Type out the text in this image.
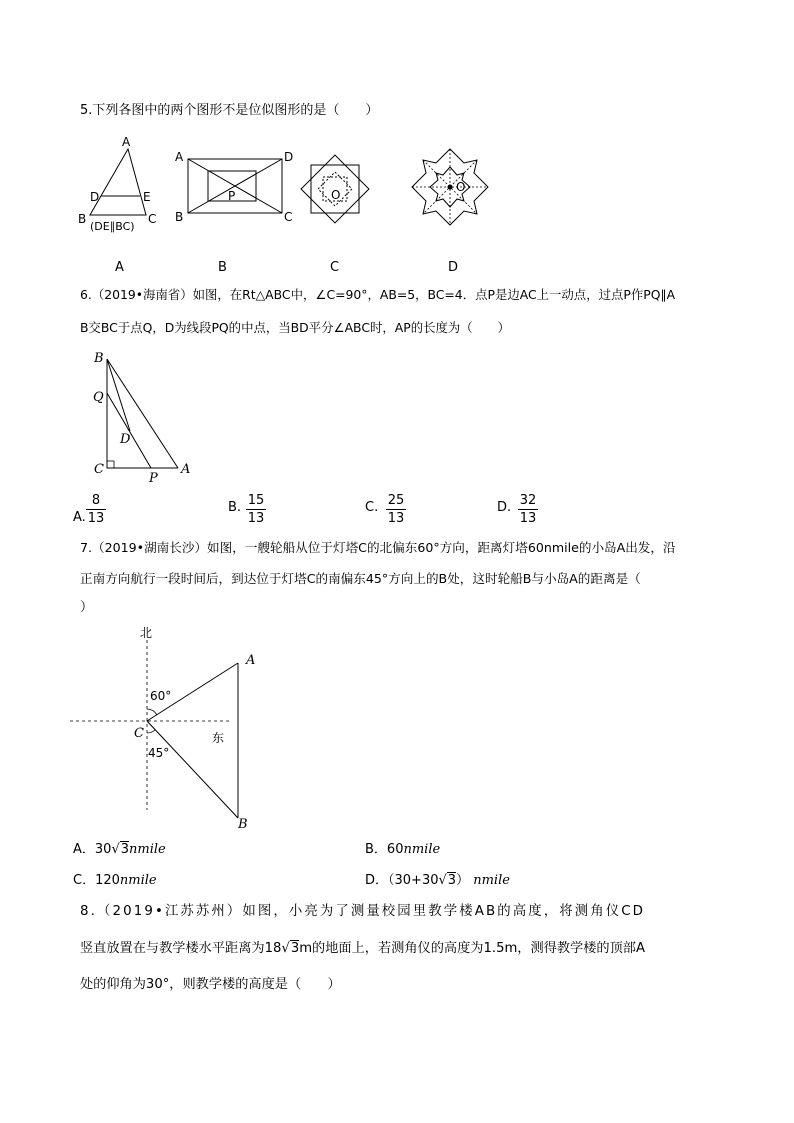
5.下列各图中的两个图形不是位似图形的是（　　）
A
D	E
B	C
(DE∥BC)
A	D
B	C
P	O
O
A	B	C	D
6.（2019•海南省）如图，在Rt△ABC中，∠C=90°，AB=5，BC=4．点P是边AC上一动点，过点P作PQ∥A
B交BC于点Q，D为线段PQ的中点，当BD平分∠ABC时，AP的长度为（　　）
B
Q
D
C
P
A
A.
8
13
B. 15
13
C. 25
13
D. 32
13
7.（2019•湖南长沙）如图，一艘轮船从位于灯塔C的北偏东60°方向，距离灯塔60nmile的小岛A出发，沿
正南方向航行一段时间后，到达位于灯塔C的南偏东45°方向上的B处，这时轮船B与小岛A的距离是（
）
北
东
A
B
C
60°
45°
A．30√3nmile	B．60nmile
C．120nmile	D．（30+30√3） nmile
8.（2019•江苏苏州）如图，小亮为了测量校园里教学楼AB的高度，将测角仪CD
竖直放置在与教学楼水平距离为18√3m的地面上，若测角仪的高度为1.5m，测得教学楼的顶部A
处的仰角为30°，则教学楼的高度是（　　）
